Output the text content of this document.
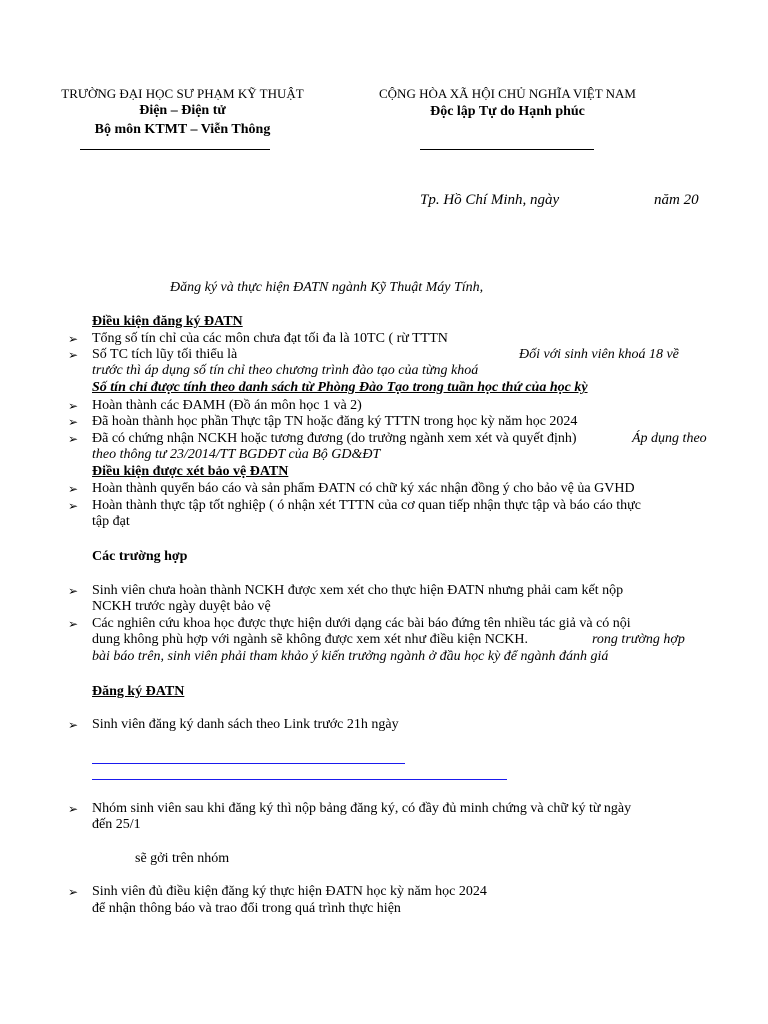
TRƯỜNG ĐẠI HỌC SƯ PHẠM KỸ THUẬT
Điện – Điện tử
Bộ môn KTMT – Viễn Thông
CỘNG HÒA XÃ HỘI CHỦ NGHĨA VIỆT NAM
Độc lập Tự do Hạnh phúc
Tp. Hồ Chí Minh, ngày	năm 20
Đăng ký và thực hiện ĐATN ngành Kỹ Thuật Máy Tính,
Điều kiện đăng ký ĐATN
➢ Tổng số tín chỉ của các môn chưa đạt tối đa là 10TC ( rừ TTTN
➢ Số TC tích lũy tối thiểu là	Đối với sinh viên khoá 18 về
trước thì áp dụng số tín chỉ theo chương trình đào tạo của từng khoá
Số tín chỉ được tính theo danh sách từ Phòng Đào Tạo trong tuần học thứ của học kỳ
➢ Hoàn thành các ĐAMH (Đồ án môn học 1 và 2)
➢ Đã hoàn thành học phần Thực tập TN hoặc đăng ký TTTN trong học kỳ năm học 2024
➢ Đã có chứng nhận NCKH hoặc tương đương (do trưởng ngành xem xét và quyết định)	Áp dụng theo
theo thông tư 23/2014/TT BGDĐT của Bộ GD&ĐT
Điều kiện được xét bảo vệ ĐATN
➢ Hoàn thành quyển báo cáo và sản phẩm ĐATN có chữ ký xác nhận đồng ý cho bảo vệ ủa GVHD
➢ Hoàn thành thực tập tốt nghiệp ( ó nhận xét TTTN của cơ quan tiếp nhận thực tập và báo cáo thực
tập đạt
Các trường hợp
➢ Sinh viên chưa hoàn thành NCKH được xem xét cho thực hiện ĐATN nhưng phải cam kết nộp
NCKH trước ngày duyệt bảo vệ
➢ Các nghiên cứu khoa học được thực hiện dưới dạng các bài báo đứng tên nhiều tác giả và có nội
dung không phù hợp với ngành sẽ không được xem xét như điều kiện NCKH.	rong trường hợp
bài báo trên, sinh viên phải tham khảo ý kiến trưởng ngành ở đầu học kỳ để ngành đánh giá
Đăng ký ĐATN
➢ Sinh viên đăng ký danh sách theo Link trước 21h ngày
➢ Nhóm sinh viên sau khi đăng ký thì nộp bảng đăng ký, có đầy đủ minh chứng và chữ ký từ ngày
đến 25/1
sẽ gởi trên nhóm
➢ Sinh viên đủ điều kiện đăng ký thực hiện ĐATN học kỳ năm học 2024
để nhận thông báo và trao đổi trong quá trình thực hiện
